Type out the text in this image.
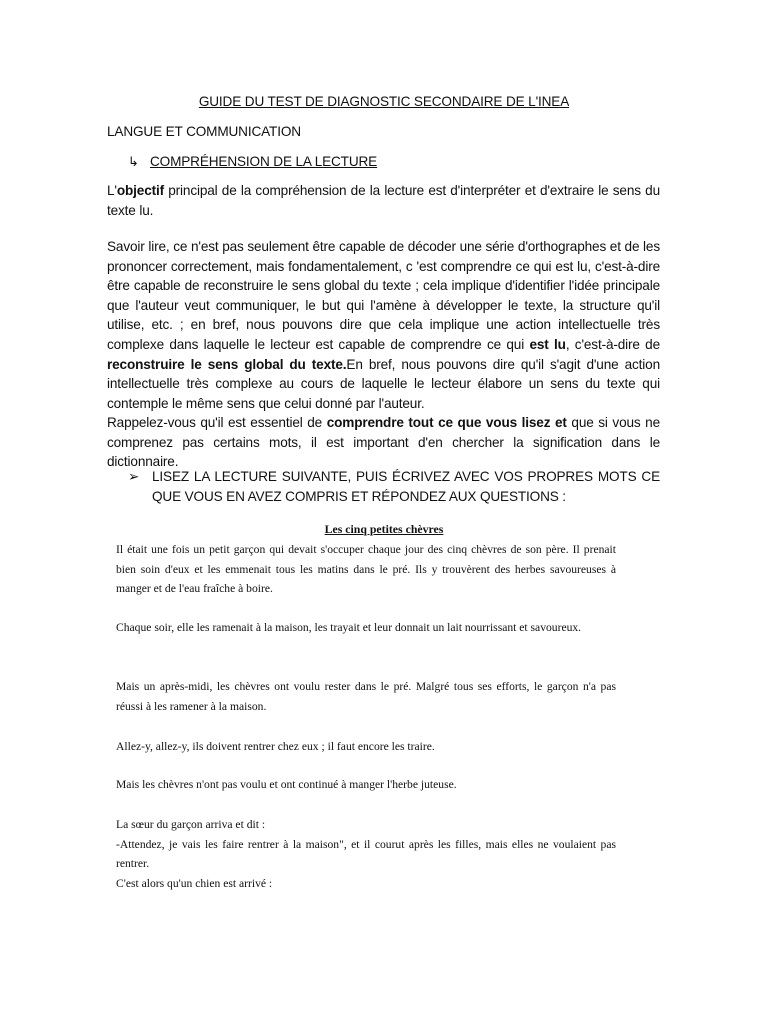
GUIDE DU TEST DE DIAGNOSTIC SECONDAIRE DE L'INEA
LANGUE ET COMMUNICATION
↳ COMPRÉHENSION DE LA LECTURE
L'objectif principal de la compréhension de la lecture est d'interpréter et d'extraire le sens du texte lu.
Savoir lire, ce n'est pas seulement être capable de décoder une série d'orthographes et de les prononcer correctement, mais fondamentalement, c 'est comprendre ce qui est lu, c'est-à-dire être capable de reconstruire le sens global du texte ; cela implique d'identifier l'idée principale que l'auteur veut communiquer, le but qui l'amène à développer le texte, la structure qu'il utilise, etc. ; en bref, nous pouvons dire que cela implique une action intellectuelle très complexe dans laquelle le lecteur est capable de comprendre ce qui est lu, c'est-à-dire de reconstruire le sens global du texte.En bref, nous pouvons dire qu'il s'agit d'une action intellectuelle très complexe au cours de laquelle le lecteur élabore un sens du texte qui contemple le même sens que celui donné par l'auteur.
Rappelez-vous qu'il est essentiel de comprendre tout ce que vous lisez et que si vous ne comprenez pas certains mots, il est important d'en chercher la signification dans le dictionnaire.
➢ LISEZ LA LECTURE SUIVANTE, PUIS ÉCRIVEZ AVEC VOS PROPRES MOTS CE QUE VOUS EN AVEZ COMPRIS ET RÉPONDEZ AUX QUESTIONS :
Les cinq petites chèvres
Il était une fois un petit garçon qui devait s'occuper chaque jour des cinq chèvres de son père. Il prenait bien soin d'eux et les emmenait tous les matins dans le pré. Ils y trouvèrent des herbes savoureuses à manger et de l'eau fraîche à boire.
Chaque soir, elle les ramenait à la maison, les trayait et leur donnait un lait nourrissant et savoureux.
Mais un après-midi, les chèvres ont voulu rester dans le pré. Malgré tous ses efforts, le garçon n'a pas réussi à les ramener à la maison.
Allez-y, allez-y, ils doivent rentrer chez eux ; il faut encore les traire.
Mais les chèvres n'ont pas voulu et ont continué à manger l'herbe juteuse.
La sœur du garçon arriva et dit :
-Attendez, je vais les faire rentrer à la maison", et il courut après les filles, mais elles ne voulaient pas rentrer.
C'est alors qu'un chien est arrivé :
